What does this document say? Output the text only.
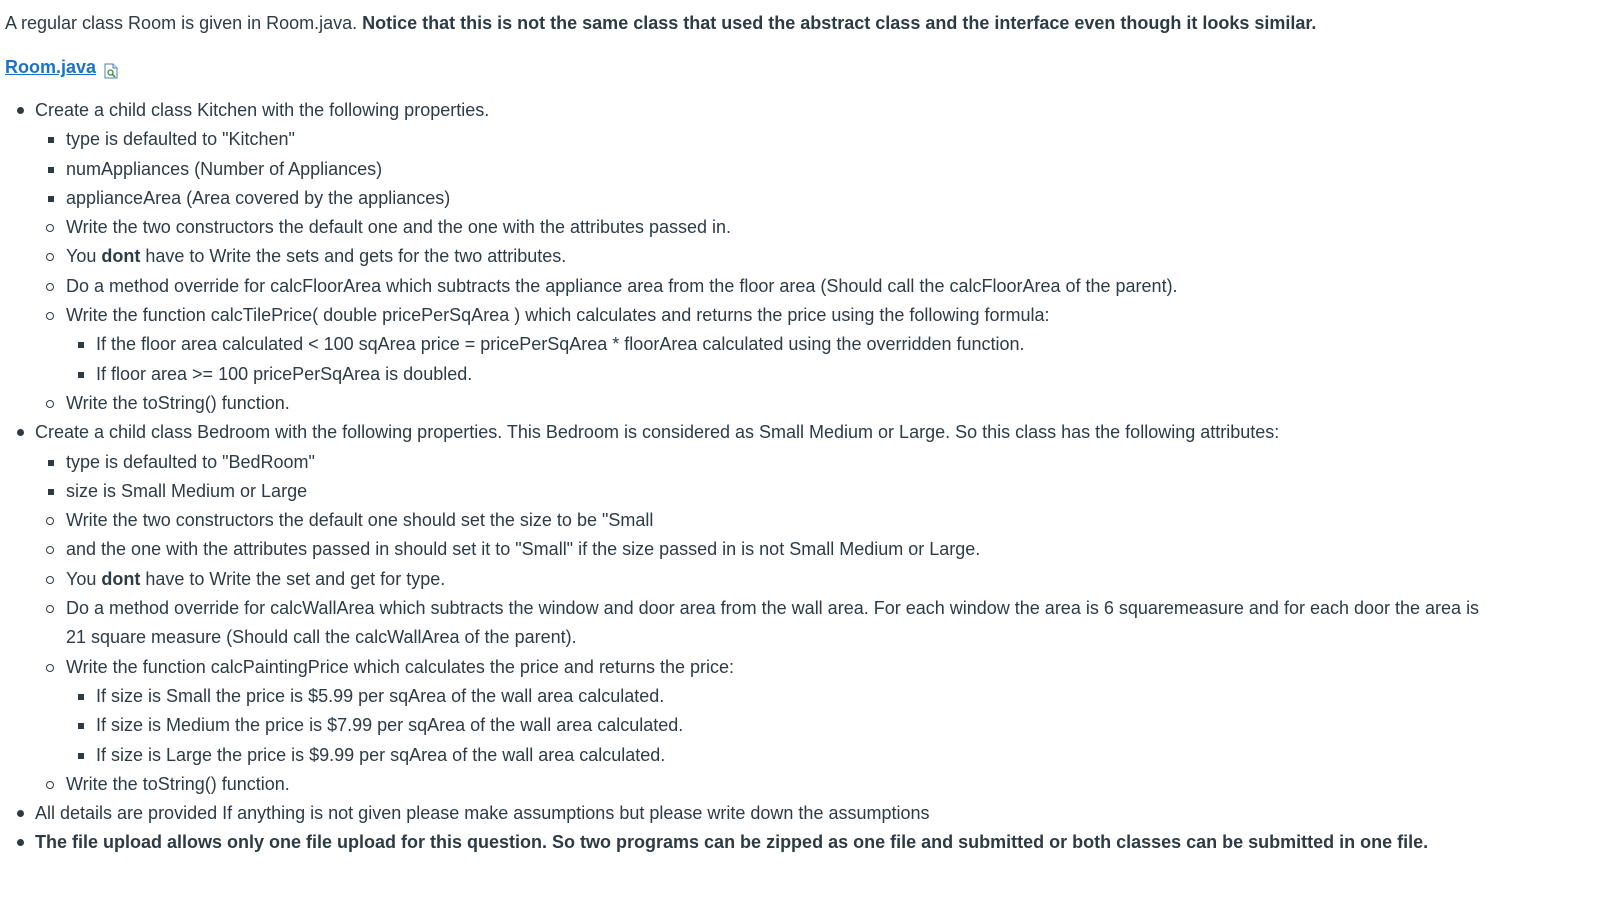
A regular class Room is given in Room.java. Notice that this is not the same class that used the abstract class and the interface even though it looks similar.

Room.java

Create a child class Kitchen with the following properties.
type is defaulted to "Kitchen"
numAppliances (Number of Appliances)
applianceArea (Area covered by the appliances)
Write the two constructors the default one and the one with the attributes passed in.
You dont have to Write the sets and gets for the two attributes.
Do a method override for calcFloorArea which subtracts the appliance area from the floor area (Should call the calcFloorArea of the parent).
Write the function calcTilePrice( double pricePerSqArea ) which calculates and returns the price using the following formula:
If the floor area calculated < 100 sqArea price = pricePerSqArea * floorArea calculated using the overridden function.
If floor area >= 100 pricePerSqArea is doubled.
Write the toString() function.
Create a child class Bedroom with the following properties. This Bedroom is considered as Small Medium or Large. So this class has the following attributes:
type is defaulted to "BedRoom"
size is Small Medium or Large
Write the two constructors the default one should set the size to be "Small
and the one with the attributes passed in should set it to "Small" if the size passed in is not Small Medium or Large.
You dont have to Write the set and get for type.
Do a method override for calcWallArea which subtracts the window and door area from the wall area. For each window the area is 6 squaremeasure and for each door the area is
21 square measure (Should call the calcWallArea of the parent).
Write the function calcPaintingPrice which calculates the price and returns the price:
If size is Small the price is $5.99 per sqArea of the wall area calculated.
If size is Medium the price is $7.99 per sqArea of the wall area calculated.
If size is Large the price is $9.99 per sqArea of the wall area calculated.
Write the toString() function.
All details are provided If anything is not given please make assumptions but please write down the assumptions
The file upload allows only one file upload for this question. So two programs can be zipped as one file and submitted or both classes can be submitted in one file.
